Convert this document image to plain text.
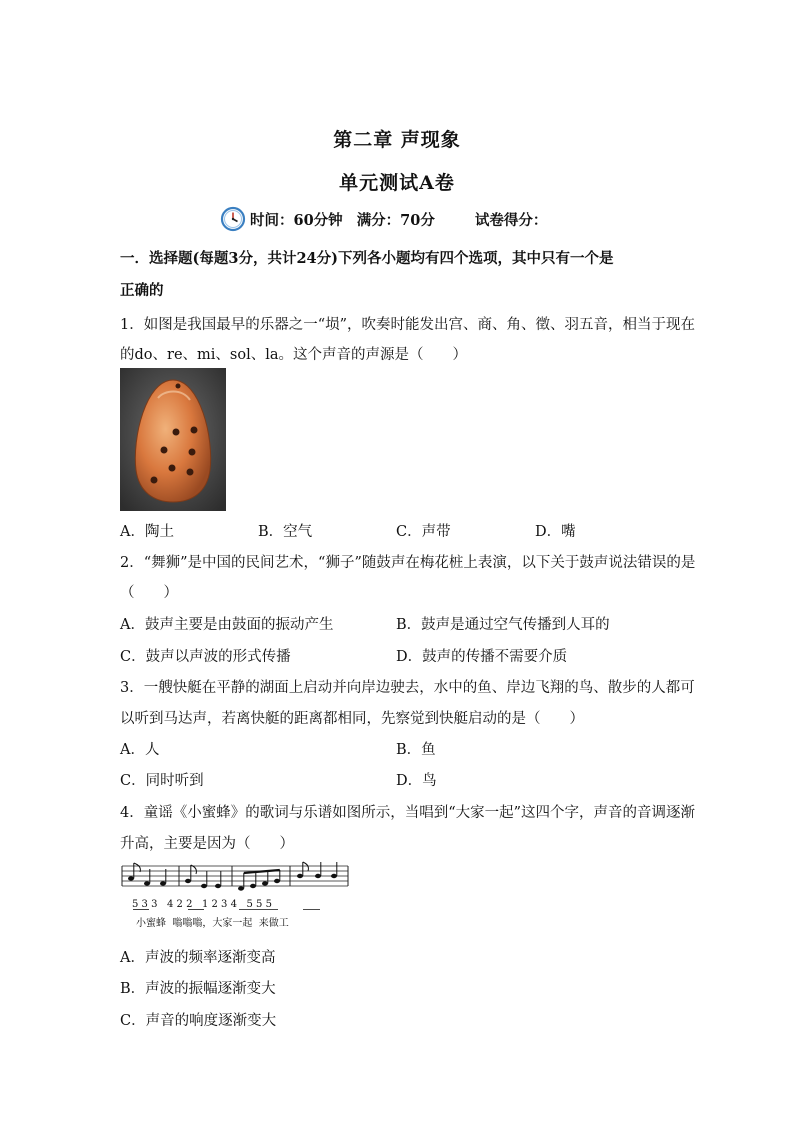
第二章 声现象
单元测试A卷
时间：60分钟 满分：70分	试卷得分：
一．选择题(每题3分，共计24分)下列各小题均有四个选项，其中只有一个是
正确的
1．如图是我国最早的乐器之一“埙”，吹奏时能发出宫、商、角、徵、羽五音，相当于现在
的do、re、mi、sol、la。这个声音的声源是（　　）
A．陶土	B．空气	C．声带	D．嘴
2．“舞狮”是中国的民间艺术，“狮子”随鼓声在梅花桩上表演，以下关于鼓声说法错误的是
（　　）
A．鼓声主要是由鼓面的振动产生	B．鼓声是通过空气传播到人耳的
C．鼓声以声波的形式传播	D．鼓声的传播不需要介质
3．一艘快艇在平静的湖面上启动并向岸边驶去，水中的鱼、岸边飞翔的鸟、散步的人都可
以听到马达声，若离快艇的距离都相同，先察觉到快艇启动的是（　　）
A．人	B．鱼
C．同时听到	D．鸟
4．童谣《小蜜蜂》的歌词与乐谱如图所示，当唱到“大家一起”这四个字，声音的音调逐渐
升高，主要是因为（　　）
5 3 3   4 2 2   1 2 3 4   5 5 5
小蜜蜂  嗡嗡嗡，大家一起  来做工
A．声波的频率逐渐变高
B．声波的振幅逐渐变大
C．声音的响度逐渐变大
